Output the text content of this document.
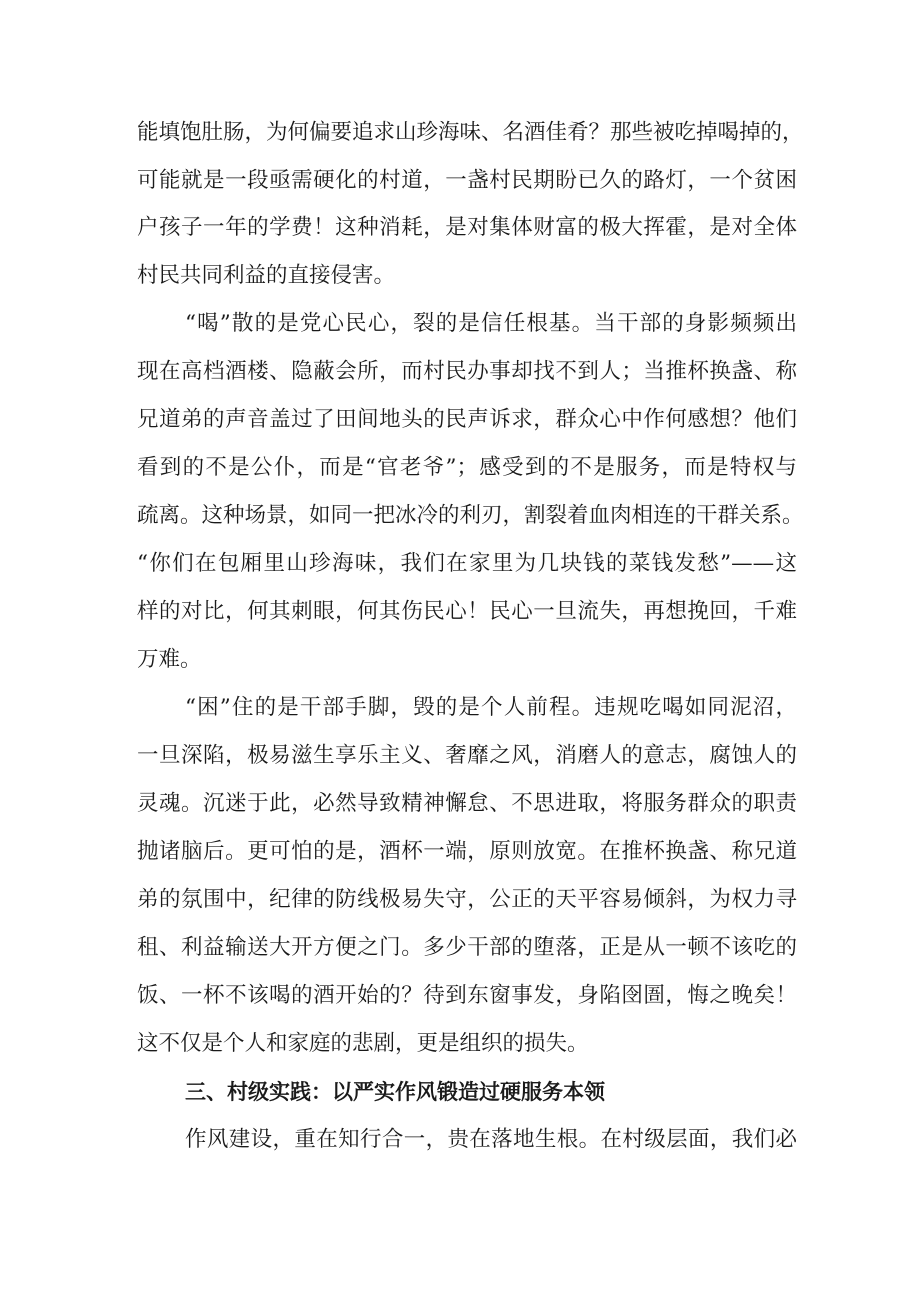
能填饱肚肠，为何偏要追求山珍海味、名酒佳肴？那些被吃掉喝掉的，
可能就是一段亟需硬化的村道，一盏村民期盼已久的路灯，一个贫困
户孩子一年的学费！这种消耗，是对集体财富的极大挥霍，是对全体
村民共同利益的直接侵害。
“喝”散的是党心民心，裂的是信任根基。当干部的身影频频出
现在高档酒楼、隐蔽会所，而村民办事却找不到人；当推杯换盏、称
兄道弟的声音盖过了田间地头的民声诉求，群众心中作何感想？他们
看到的不是公仆，而是“官老爷”；感受到的不是服务，而是特权与
疏离。这种场景，如同一把冰冷的利刃，割裂着血肉相连的干群关系。
“你们在包厢里山珍海味，我们在家里为几块钱的菜钱发愁”——这
样的对比，何其刺眼，何其伤民心！民心一旦流失，再想挽回，千难
万难。
“困”住的是干部手脚，毁的是个人前程。违规吃喝如同泥沼，
一旦深陷，极易滋生享乐主义、奢靡之风，消磨人的意志，腐蚀人的
灵魂。沉迷于此，必然导致精神懈怠、不思进取，将服务群众的职责
抛诸脑后。更可怕的是，酒杯一端，原则放宽。在推杯换盏、称兄道
弟的氛围中，纪律的防线极易失守，公正的天平容易倾斜，为权力寻
租、利益输送大开方便之门。多少干部的堕落，正是从一顿不该吃的
饭、一杯不该喝的酒开始的？待到东窗事发，身陷囹圄，悔之晚矣！
这不仅是个人和家庭的悲剧，更是组织的损失。
三、村级实践：以严实作风锻造过硬服务本领
作风建设，重在知行合一，贵在落地生根。在村级层面，我们必
